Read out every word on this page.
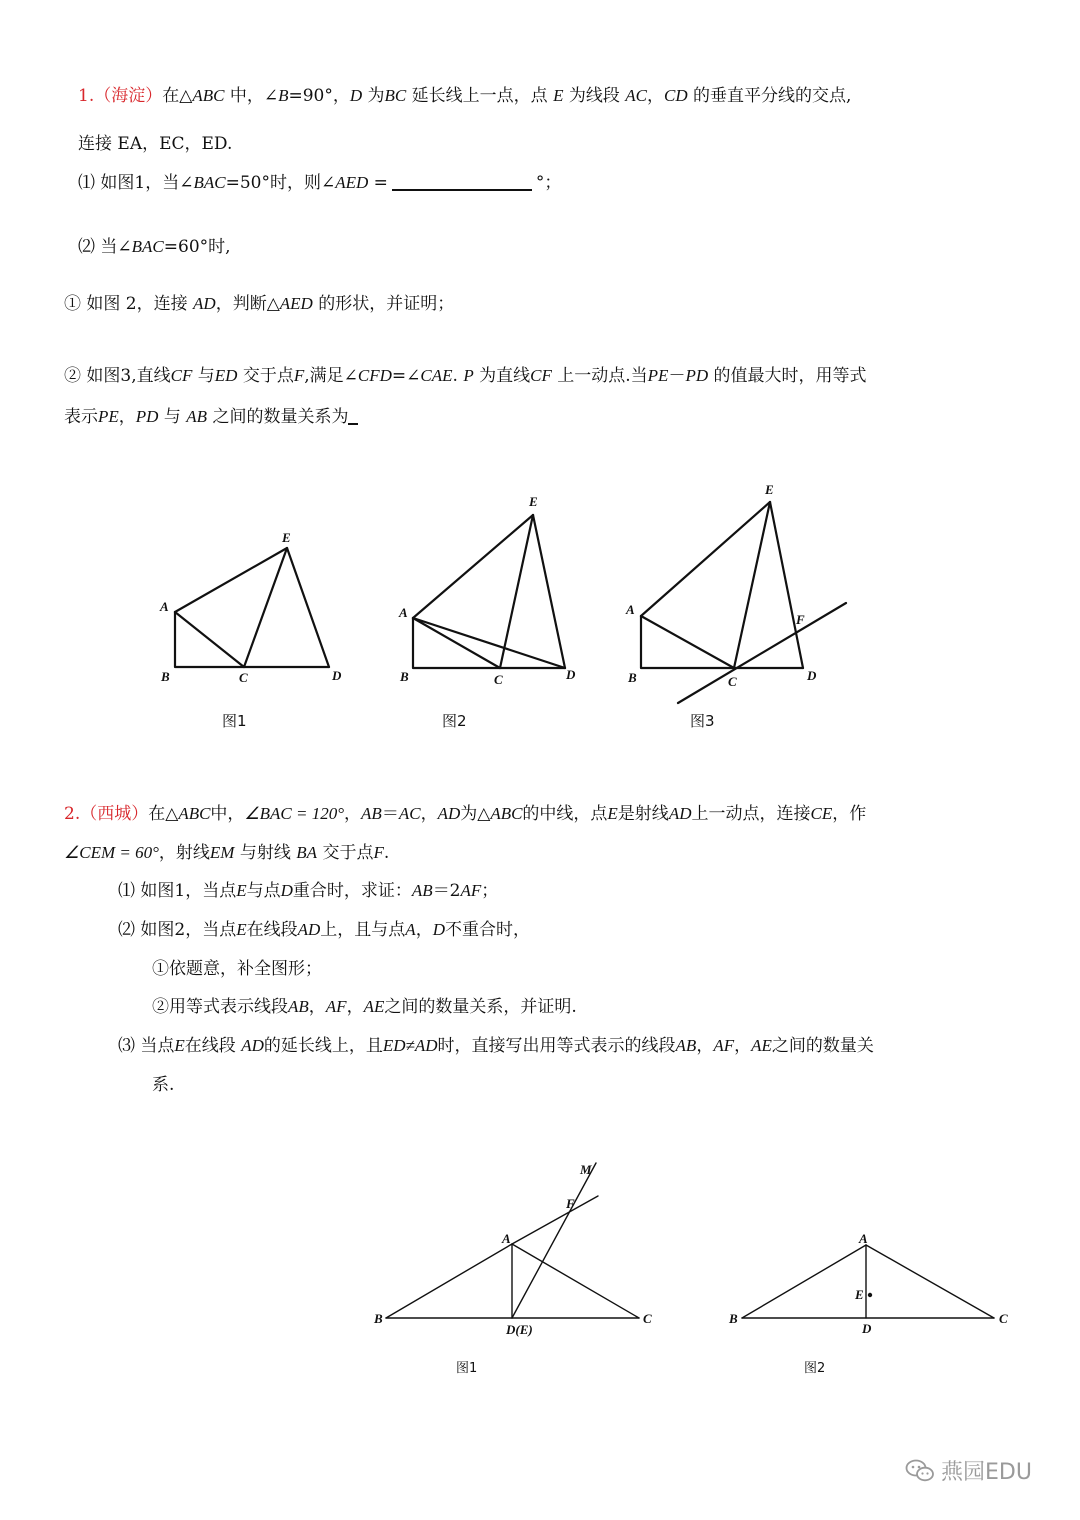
1.（海淀）在△ABC 中，∠B=90°，D 为BC 延长线上一点，点 E 为线段 AC，CD 的垂直平分线的交点,
连接 EA，EC，ED.
⑴ 如图1，当∠BAC=50°时，则∠AED =	°；
⑵ 当∠BAC=60°时,
① 如图 2，连接 AD，判断△AED 的形状，并证明；
② 如图3,直线CF 与ED 交于点F,满足∠CFD=∠CAE. P 为直线CF 上一动点.当PE－PD 的值最大时，用等式
表示PE，PD 与 AB 之间的数量关系为
A
B	C	D
E
A
B	C	D
E
A
B	C	D
E
F
图1	图2	图3
B	C
A
D(E)
F
M
B	C
A
D
E
图1	图2
2.（西城）在△ABC中，∠BAC = 120°，AB＝AC，AD为△ABC的中线，点E是射线AD上一动点，连接CE，作
∠CEM = 60°，射线EM 与射线 BA 交于点F.
⑴ 如图1，当点E与点D重合时，求证：AB＝2AF；
⑵ 如图2，当点E在线段AD上，且与点A，D不重合时，
①依题意，补全图形；
②用等式表示线段AB，AF，AE之间的数量关系，并证明.
⑶ 当点E在线段 AD的延长线上，且ED≠AD时，直接写出用等式表示的线段AB，AF，AE之间的数量关
系.
燕园EDU
